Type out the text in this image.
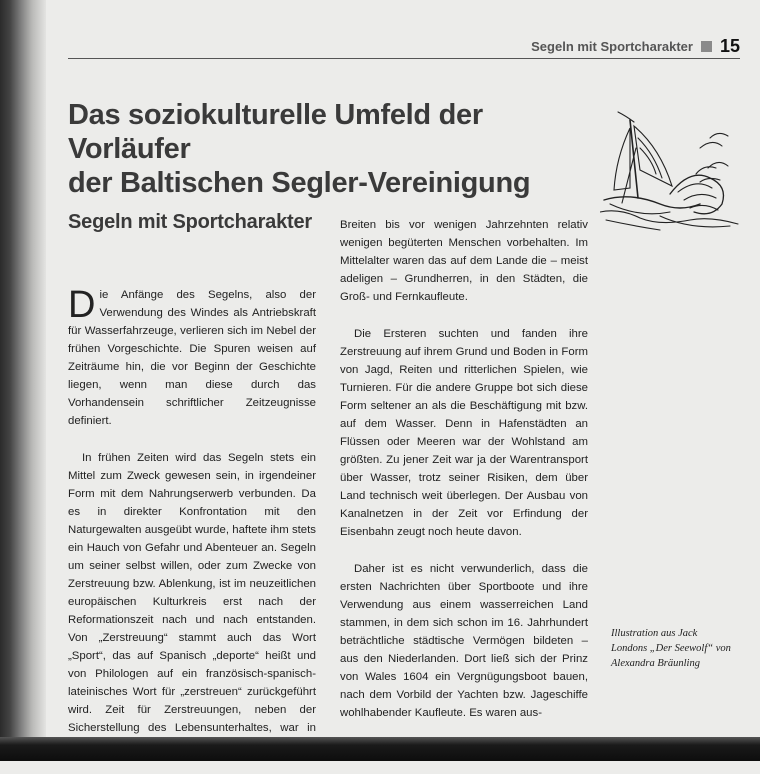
Segeln mit Sportcharakter 15
Das soziokulturelle Umfeld der Vorläufer
der Baltischen Segler-Vereinigung
Segeln mit Sportcharakter

Die Anfänge des Segelns, also der Verwendung des Windes als Antriebskraft für Wasserfahrzeuge, verlieren sich im Nebel der frühen Vorgeschichte. Die Spuren weisen auf Zeiträume hin, die vor Beginn der Geschichte liegen, wenn man diese durch das Vorhandensein schriftlicher Zeitzeugnisse definiert.

In frühen Zeiten wird das Segeln stets ein Mittel zum Zweck gewesen sein, in irgendeiner Form mit dem Nahrungserwerb verbunden. Da es in direkter Konfrontation mit den Naturgewalten ausgeübt wurde, haftete ihm stets ein Hauch von Gefahr und Abenteuer an. Segeln um seiner selbst willen, oder zum Zwecke von Zerstreuung bzw. Ablenkung, ist im neuzeitlichen europäischen Kulturkreis erst nach der Reformationszeit nach und nach entstanden. Von „Zerstreuung“ stammt auch das Wort „Sport“, das auf Spanisch „deporte“ heißt und von Philologen auf ein französisch-spanisch-lateinisches Wort für „zerstreuen“ zurückgeführt wird. Zeit für Zerstreuungen, neben der Sicherstellung des Lebensunterhaltes, war in

Breiten bis vor wenigen Jahrzehnten relativ wenigen begüterten Menschen vorbehalten. Im Mittelalter waren das auf dem Lande die – meist adeligen – Grundherren, in den Städten, die Groß- und Fernkaufleute.

Die Ersteren suchten und fanden ihre Zerstreuung auf ihrem Grund und Boden in Form von Jagd, Reiten und ritterlichen Spielen, wie Turnieren. Für die andere Gruppe bot sich diese Form seltener an als die Beschäftigung mit bzw. auf dem Wasser. Denn in Hafenstädten an Flüssen oder Meeren war der Wohlstand am größten. Zu jener Zeit war ja der Warentransport über Wasser, trotz seiner Risiken, dem über Land technisch weit überlegen. Der Ausbau von Kanalnetzen in der Zeit vor Erfindung der Eisenbahn zeugt noch heute davon.

Daher ist es nicht verwunderlich, dass die ersten Nachrichten über Sportboote und ihre Verwendung aus einem wasserreichen Land stammen, in dem sich schon im 16. Jahrhundert beträchtliche städtische Vermögen bildeten – aus den Niederlanden. Dort ließ sich der Prinz von Wales 1604 ein Vergnügungsboot bauen, nach dem Vorbild der Yachten bzw. Jageschiffe wohlhabender Kaufleute. Es waren aus-

Illustration aus Jack
Londons „Der Seewolf“ von
Alexandra Bräunling
